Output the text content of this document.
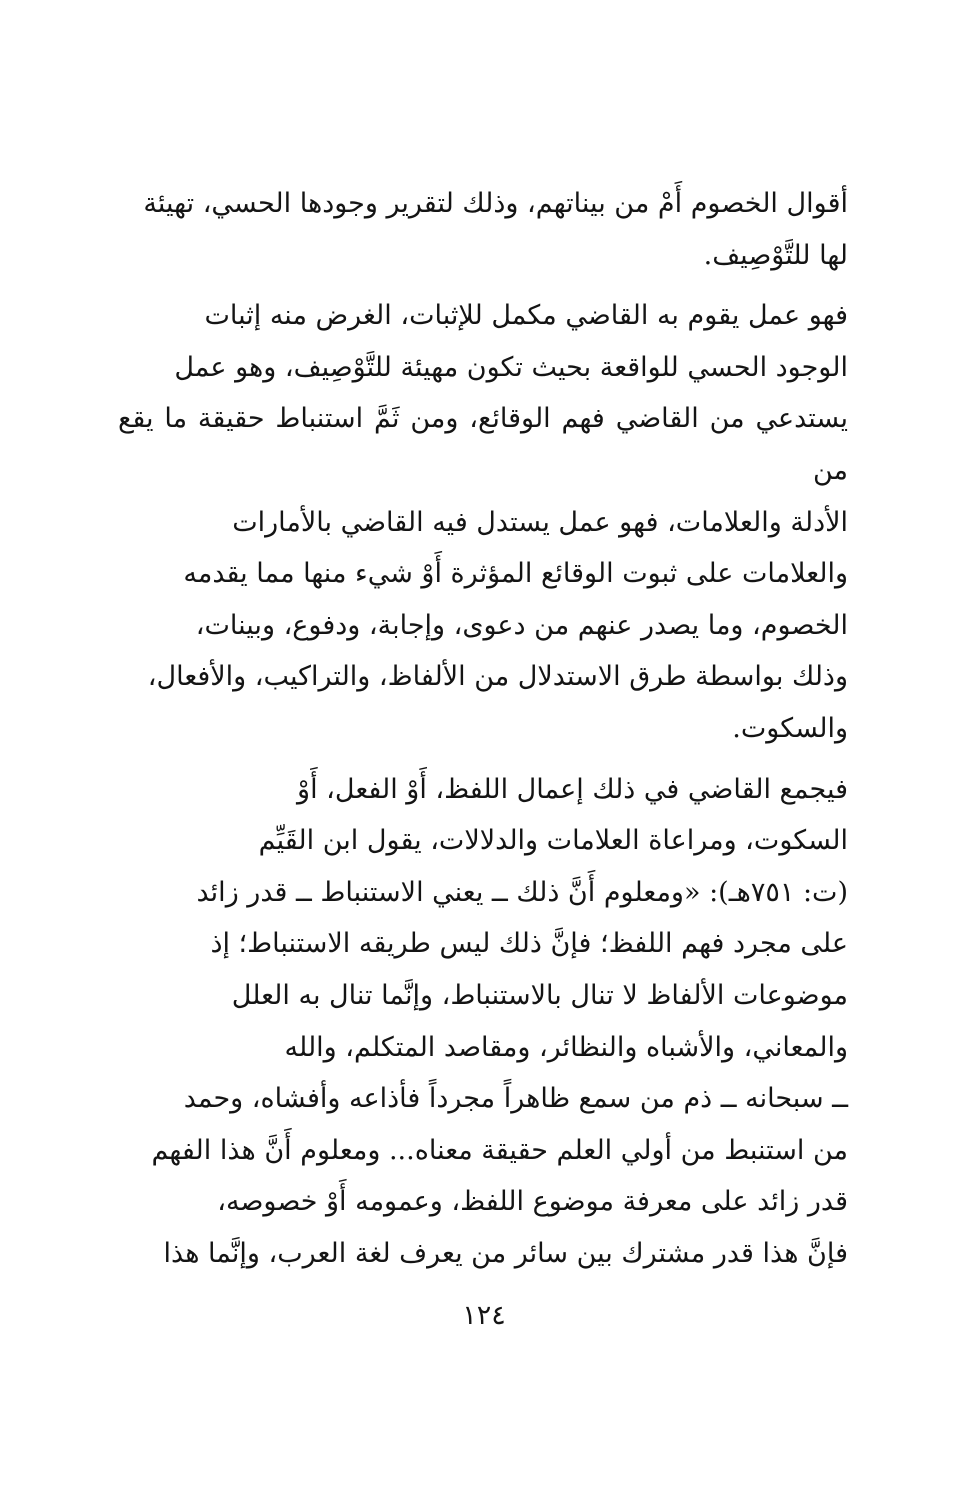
أقوال الخصوم أَمْ من بيناتهم، وذلك لتقرير وجودها الحسي، تهيئة
لها للتَّوْصِيف.

فهو عمل يقوم به القاضي مكمل للإثبات، الغرض منه إثبات
الوجود الحسي للواقعة بحيث تكون مهيئة للتَّوْصِيف، وهو عمل
يستدعي من القاضي فهم الوقائع، ومن ثَمَّ استنباط حقيقة ما يقع من
الأدلة والعلامات، فهو عمل يستدل فيه القاضي بالأمارات
والعلامات على ثبوت الوقائع المؤثرة أَوْ شيء منها مما يقدمه
الخصوم، وما يصدر عنهم من دعوى، وإجابة، ودفوع، وبينات،
وذلك بواسطة طرق الاستدلال من الألفاظ، والتراكيب، والأفعال،
والسكوت.

فيجمع القاضي في ذلك إعمال اللفظ، أَوْ الفعل، أَوْ
السكوت، ومراعاة العلامات والدلالات، يقول ابن القَيِّم
(ت: ٧٥١هـ): «ومعلوم أَنَّ ذلك ــ يعني الاستنباط ــ قدر زائد
على مجرد فهم اللفظ؛ فإنَّ ذلك ليس طريقه الاستنباط؛ إذ
موضوعات الألفاظ لا تنال بالاستنباط، وإنَّما تنال به العلل
والمعاني، والأشباه والنظائر، ومقاصد المتكلم، والله
ــ سبحانه ــ ذم من سمع ظاهراً مجرداً فأذاعه وأفشاه، وحمد
من استنبط من أولي العلم حقيقة معناه... ومعلوم أَنَّ هذا الفهم
قدر زائد على معرفة موضوع اللفظ، وعمومه أَوْ خصوصه،
فإنَّ هذا قدر مشترك بين سائر من يعرف لغة العرب، وإنَّما هذا

١٢٤
